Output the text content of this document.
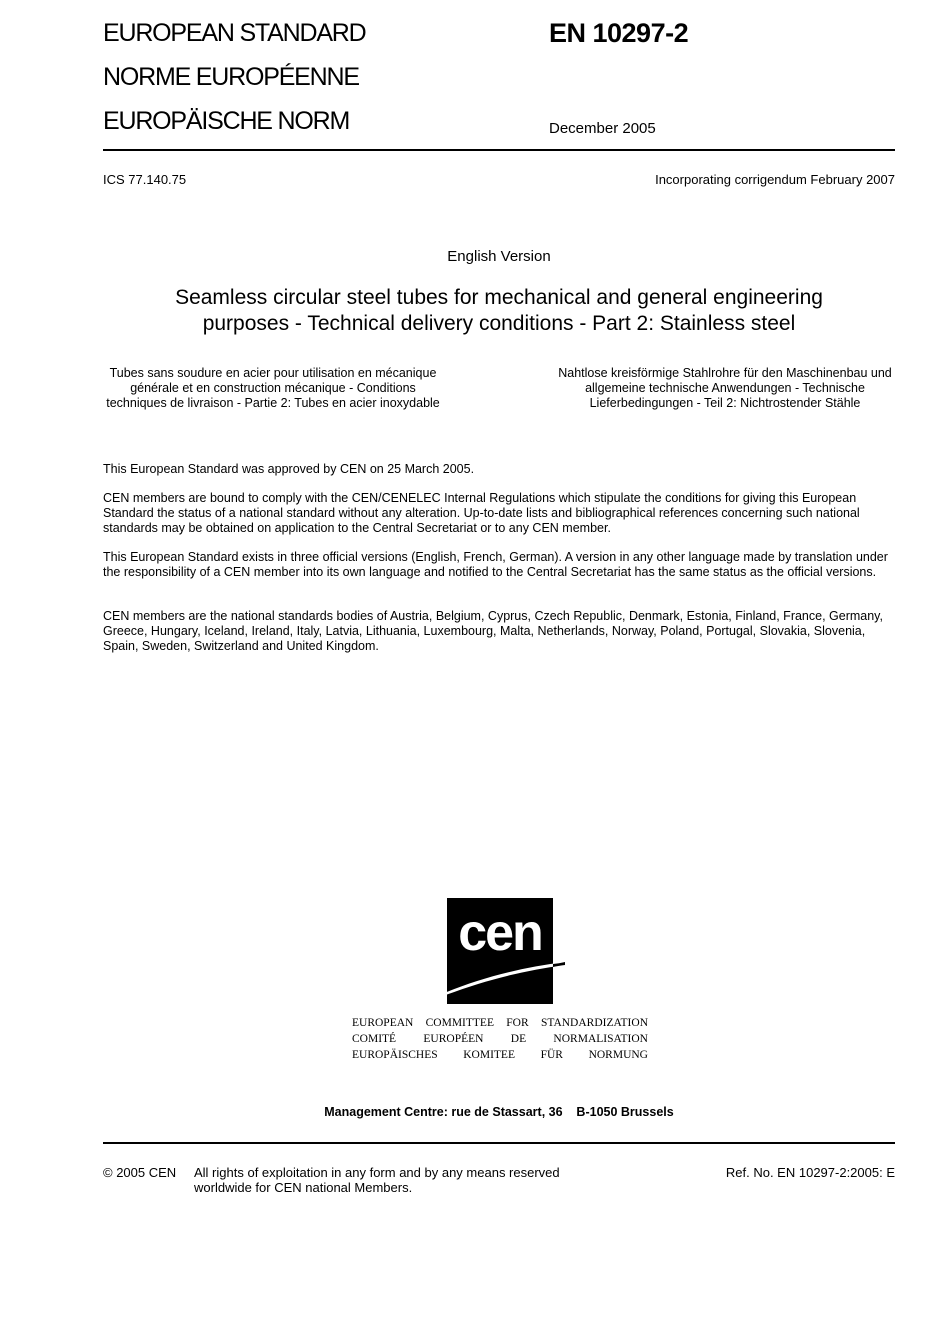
EUROPEAN STANDARD
NORME EUROPÉENNE
EUROPÄISCHE NORM
EN 10297-2
December 2005
ICS 77.140.75	Incorporating corrigendum February 2007
English Version
Seamless circular steel tubes for mechanical and general engineering
purposes - Technical delivery conditions - Part 2: Stainless steel
Tubes sans soudure en acier pour utilisation en mécanique générale et en construction mécanique - Conditions techniques de livraison - Partie 2: Tubes en acier inoxydable
Nahtlose kreisförmige Stahlrohre für den Maschinenbau und allgemeine technische Anwendungen - Technische Lieferbedingungen - Teil 2: Nichtrostender Stähle
This European Standard was approved by CEN on 25 March 2005.
CEN members are bound to comply with the CEN/CENELEC Internal Regulations which stipulate the conditions for giving this European Standard the status of a national standard without any alteration. Up-to-date lists and bibliographical references concerning such national standards may be obtained on application to the Central Secretariat or to any CEN member.
This European Standard exists in three official versions (English, French, German). A version in any other language made by translation under the responsibility of a CEN member into its own language and notified to the Central Secretariat has the same status as the official versions.
CEN members are the national standards bodies of Austria, Belgium, Cyprus, Czech Republic, Denmark, Estonia, Finland, France, Germany, Greece, Hungary, Iceland, Ireland, Italy, Latvia, Lithuania, Luxembourg, Malta, Netherlands, Norway, Poland, Portugal, Slovakia, Slovenia, Spain, Sweden, Switzerland and United Kingdom.
cen
EUROPEAN COMMITTEE FOR STANDARDIZATION
COMITÉ EUROPÉEN DE NORMALISATION
EUROPÄISCHES KOMITEE FÜR NORMUNG
Management Centre: rue de Stassart, 36    B-1050 Brussels
© 2005 CEN All rights of exploitation in any form and by any means reserved worldwide for CEN national Members.
Ref. No. EN 10297-2:2005: E
